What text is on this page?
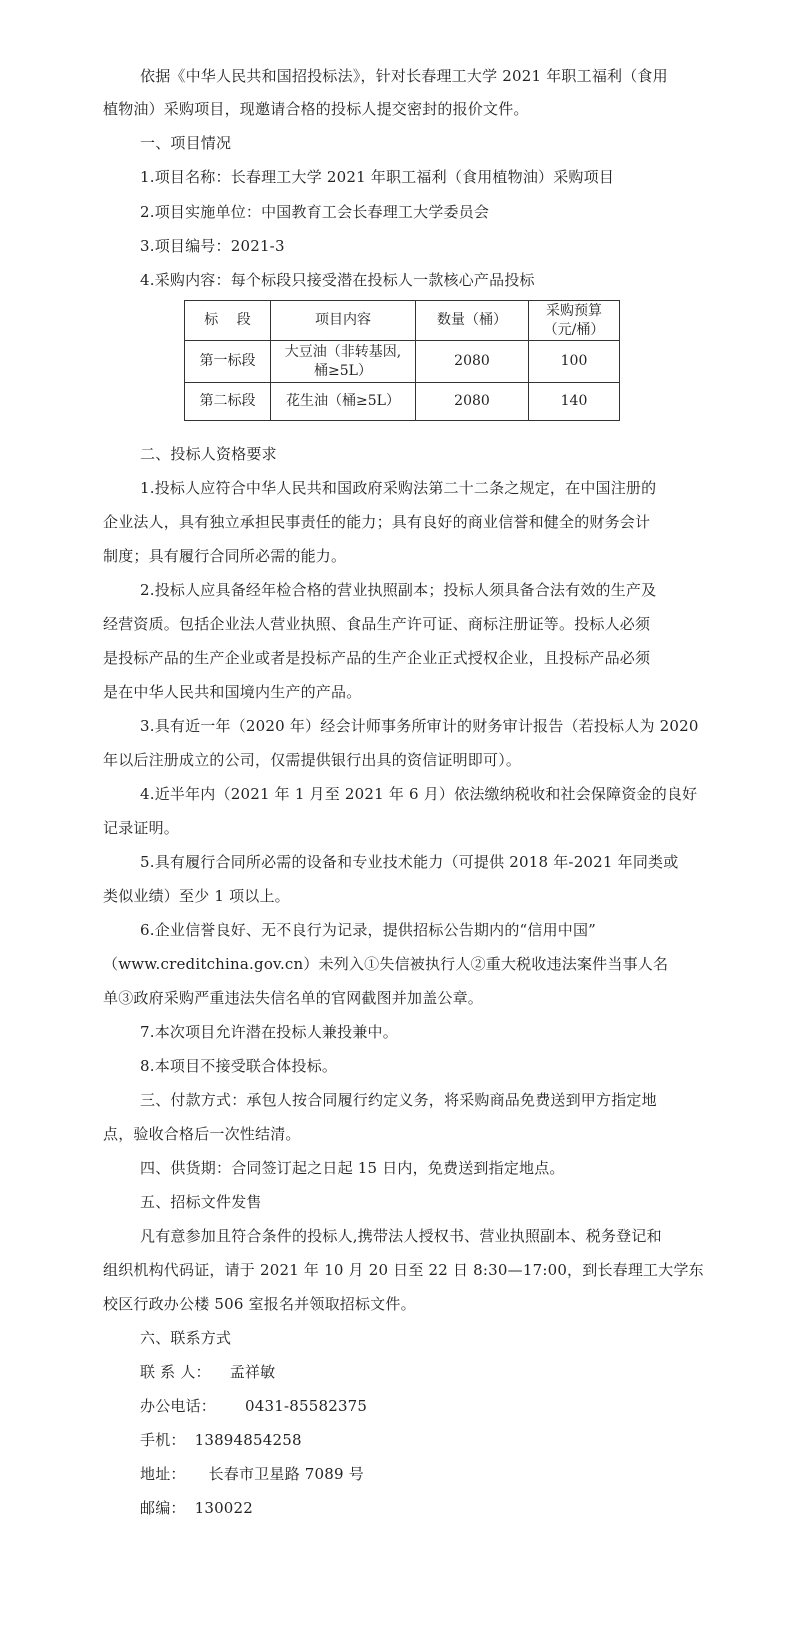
依据《中华人民共和国招投标法》，针对长春理工大学 2021 年职工福利（食用
植物油）采购项目，现邀请合格的投标人提交密封的报价文件。
一、项目情况
1.项目名称：长春理工大学 2021 年职工福利（食用植物油）采购项目
2.项目实施单位：中国教育工会长春理工大学委员会
3.项目编号：2021-3
4.采购内容：每个标段只接受潜在投标人一款核心产品投标
标　 段	项目内容	数量（桶）	采购预算
（元/桶）

第一标段	大豆油（非转基因,
桶≥5L）	2080	100
第二标段	花生油（桶≥5L）	2080	140
二、投标人资格要求
1.投标人应符合中华人民共和国政府采购法第二十二条之规定，在中国注册的
企业法人，具有独立承担民事责任的能力；具有良好的商业信誉和健全的财务会计
制度；具有履行合同所必需的能力。
2.投标人应具备经年检合格的营业执照副本；投标人须具备合法有效的生产及
经营资质。包括企业法人营业执照、食品生产许可证、商标注册证等。投标人必须
是投标产品的生产企业或者是投标产品的生产企业正式授权企业，且投标产品必须
是在中华人民共和国境内生产的产品。
3.具有近一年（2020 年）经会计师事务所审计的财务审计报告（若投标人为 2020
年以后注册成立的公司，仅需提供银行出具的资信证明即可）。
4.近半年内（2021 年 1 月至 2021 年 6 月）依法缴纳税收和社会保障资金的良好
记录证明。
5.具有履行合同所必需的设备和专业技术能力（可提供 2018 年-2021 年同类或
类似业绩）至少 1 项以上。
6.企业信誉良好、无不良行为记录，提供招标公告期内的“信用中国”
（www.creditchina.gov.cn）未列入①失信被执行人②重大税收违法案件当事人名
单③政府采购严重违法失信名单的官网截图并加盖公章。
7.本次项目允许潜在投标人兼投兼中。
8.本项目不接受联合体投标。
三、付款方式：承包人按合同履行约定义务，将采购商品免费送到甲方指定地
点，验收合格后一次性结清。
四、供货期：合同签订起之日起 15 日内，免费送到指定地点。
五、招标文件发售
凡有意参加且符合条件的投标人,携带法人授权书、营业执照副本、税务登记和
组织机构代码证，请于 2021 年 10 月 20 日至 22 日 8:30—17:00，到长春理工大学东
校区行政办公楼 506 室报名并领取招标文件。
六、联系方式
联 系 人： 孟祥敏
办公电话： 0431-85582375
手机： 13894854258
地址： 长春市卫星路 7089 号
邮编： 130022
